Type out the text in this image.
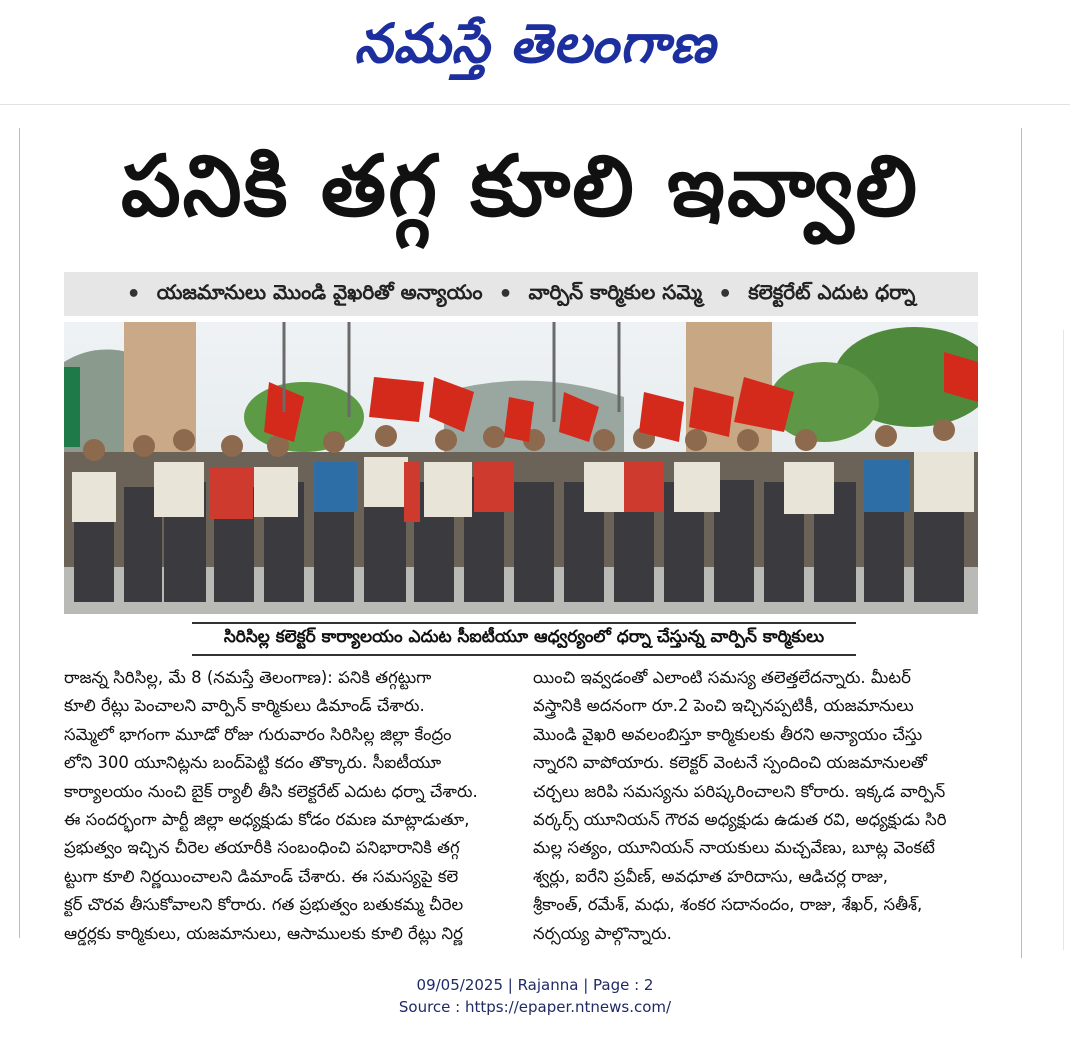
నమస్తే తెలంగాణ
పనికి తగ్గ కూలి ఇవ్వాలి
• యజమానులు మొండి వైఖరితో అన్యాయం • వార్పిన్ కార్మికుల సమ్మె • కలెక్టరేట్ ఎదుట ధర్నా
సిరిసిల్ల కలెక్టర్ కార్యాలయం ఎదుట సీఐటీయూ ఆధ్వర్యంలో ధర్నా చేస్తున్న వార్పిన్ కార్మికులు
రాజన్న సిరిసిల్ల, మే 8 (నమస్తే తెలంగాణ): పనికి తగ్గట్టుగా
కూలి రేట్లు పెంచాలని వార్పిన్ కార్మికులు డిమాండ్ చేశారు.
సమ్మెలో భాగంగా మూడో రోజు గురువారం సిరిసిల్ల జిల్లా కేంద్రం
లోని 300 యూనిట్లను బంద్‌పెట్టి కదం తొక్కారు. సీఐటీయూ
కార్యాలయం నుంచి బైక్ ర్యాలీ తీసి కలెక్టరేట్ ఎదుట ధర్నా చేశారు.
ఈ సందర్భంగా పార్టీ జిల్లా అధ్యక్షుడు కోడం రమణ మాట్లాడుతూ,
ప్రభుత్వం ఇచ్చిన చీరెల తయారీకి సంబంధించి పనిభారానికి తగ్గ
ట్టుగా కూలి నిర్ణయించాలని డిమాండ్ చేశారు. ఈ సమస్యపై కలె
క్టర్ చొరవ తీసుకోవాలని కోరారు. గత ప్రభుత్వం బతుకమ్మ చీరెల
ఆర్డర్లకు కార్మికులు, యజమానులు, ఆసాములకు కూలి రేట్లు నిర్ణ
యించి ఇవ్వడంతో ఎలాంటి సమస్య తలెత్తలేదన్నారు. మీటర్
వస్త్రానికి అదనంగా రూ.2 పెంచి ఇచ్చినప్పటికీ, యజమానులు
మొండి వైఖరి అవలంబిస్తూ కార్మికులకు తీరని అన్యాయం చేస్తు
న్నారని వాపోయారు. కలెక్టర్ వెంటనే స్పందించి యజమానులతో
చర్చలు జరిపి సమస్యను పరిష్కరించాలని కోరారు. ఇక్కడ వార్పిన్
వర్కర్స్ యూనియన్ గౌరవ అధ్యక్షుడు ఉడుత రవి, అధ్యక్షుడు సిరి
మల్ల సత్యం, యూనియన్ నాయకులు మచ్చవేణు, బూట్ల వెంకటే
శ్వర్లు, ఐరేని ప్రవీణ్, అవధూత హరిదాసు, ఆడిచర్ల రాజు,
శ్రీకాంత్, రమేశ్, మధు, శంకర సదానందం, రాజు, శేఖర్, సతీశ్,
నర్సయ్య పాల్గొన్నారు.
09/05/2025 | Rajanna | Page : 2
Source : https://epaper.ntnews.com/
